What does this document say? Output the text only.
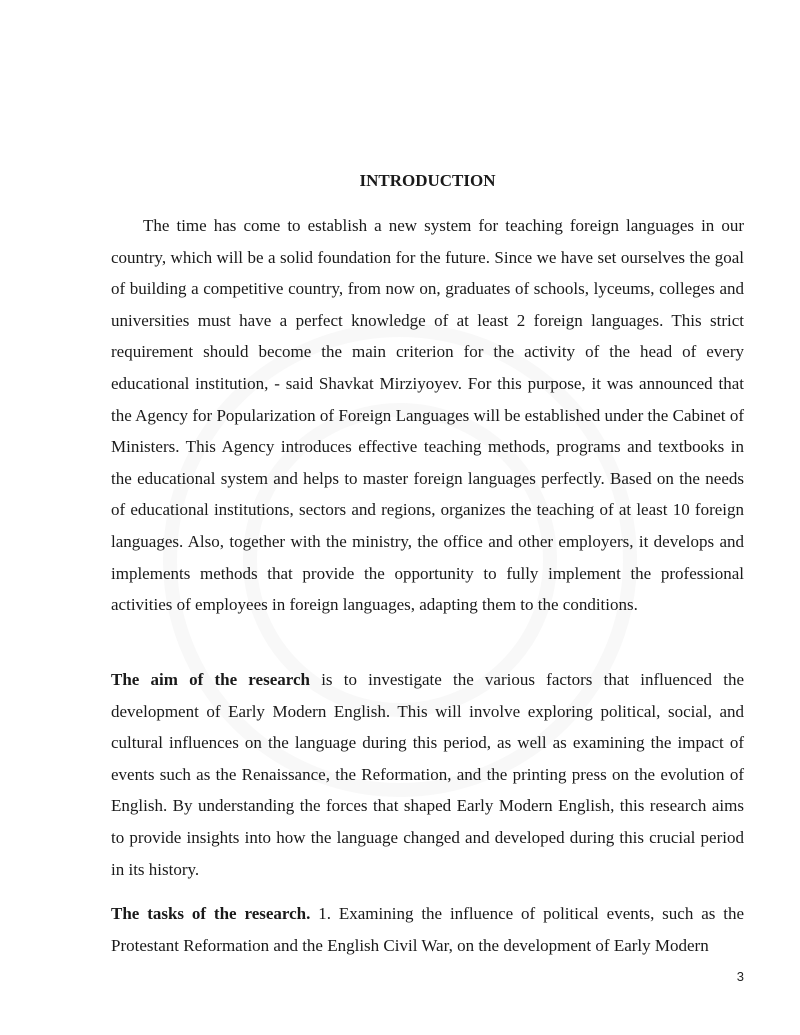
INTRODUCTION

The time has come to establish a new system for teaching foreign languages in our country, which will be a solid foundation for the future. Since we have set ourselves the goal of building a competitive country, from now on, graduates of schools, lyceums, colleges and universities must have a perfect knowledge of at least 2 foreign languages. This strict requirement should become the main criterion for the activity of the head of every educational institution, - said Shavkat Mirziyoyev. For this purpose, it was announced that the Agency for Popularization of Foreign Languages will be established under the Cabinet of Ministers. This Agency introduces effective teaching methods, programs and textbooks in the educational system and helps to master foreign languages perfectly. Based on the needs of educational institutions, sectors and regions, organizes the teaching of at least 10 foreign languages. Also, together with the ministry, the office and other employers, it develops and implements methods that provide the opportunity to fully implement the professional activities of employees in foreign languages, adapting them to the conditions.

The aim of the research is to investigate the various factors that influenced the development of Early Modern English. This will involve exploring political, social, and cultural influences on the language during this period, as well as examining the impact of events such as the Renaissance, the Reformation, and the printing press on the evolution of English. By understanding the forces that shaped Early Modern English, this research aims to provide insights into how the language changed and developed during this crucial period in its history.

The tasks of the research. 1. Examining the influence of political events, such as the Protestant Reformation and the English Civil War, on the development of Early Modern

3
